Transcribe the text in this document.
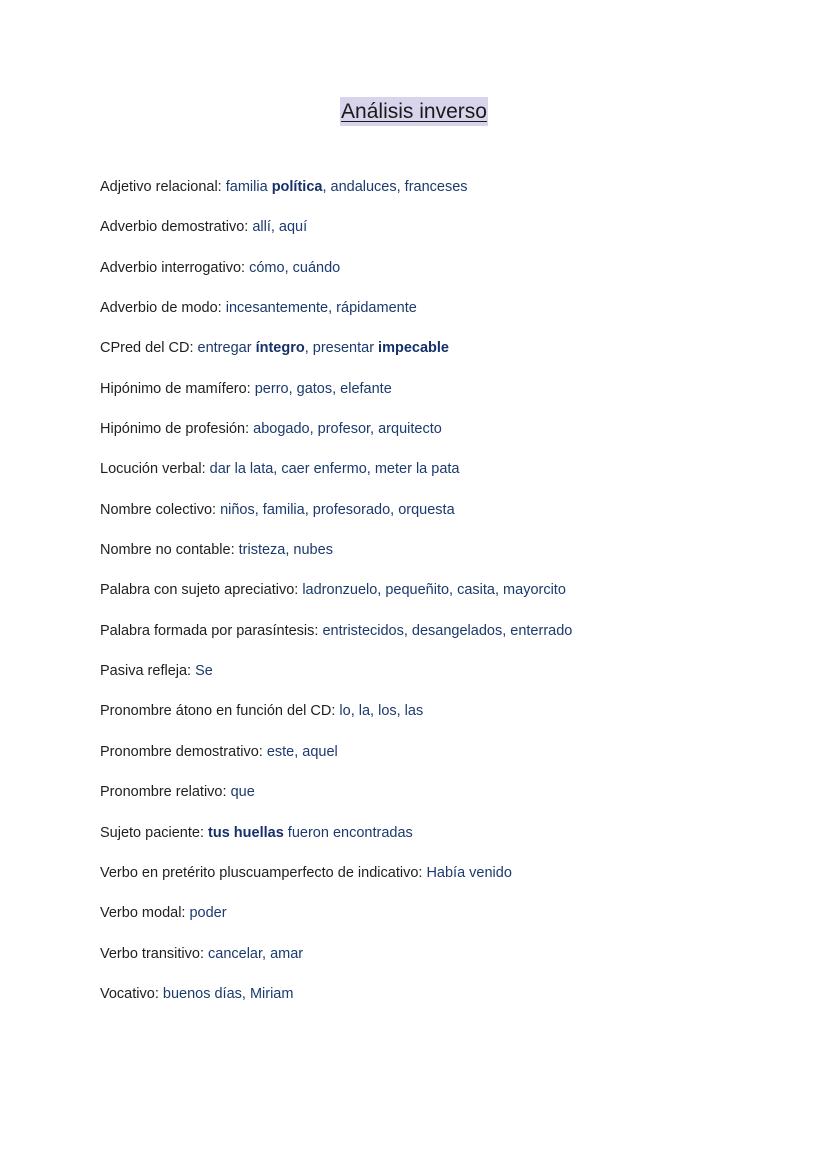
Análisis inverso
Adjetivo relacional: familia política, andaluces, franceses
Adverbio demostrativo: allí, aquí
Adverbio interrogativo: cómo, cuándo
Adverbio de modo: incesantemente, rápidamente
CPred del CD: entregar íntegro, presentar impecable
Hipónimo de mamífero: perro, gatos, elefante
Hipónimo de profesión: abogado, profesor, arquitecto
Locución verbal: dar la lata, caer enfermo, meter la pata
Nombre colectivo: niños, familia, profesorado, orquesta
Nombre no contable: tristeza, nubes
Palabra con sujeto apreciativo: ladronzuelo, pequeñito, casita, mayorcito
Palabra formada por parasíntesis: entristecidos, desangelados, enterrado
Pasiva refleja: Se
Pronombre átono en función del CD: lo, la, los, las
Pronombre demostrativo: este, aquel
Pronombre relativo: que
Sujeto paciente: tus huellas fueron encontradas
Verbo en pretérito pluscuamperfecto de indicativo: Había venido
Verbo modal: poder
Verbo transitivo: cancelar, amar
Vocativo: buenos días, Miriam
